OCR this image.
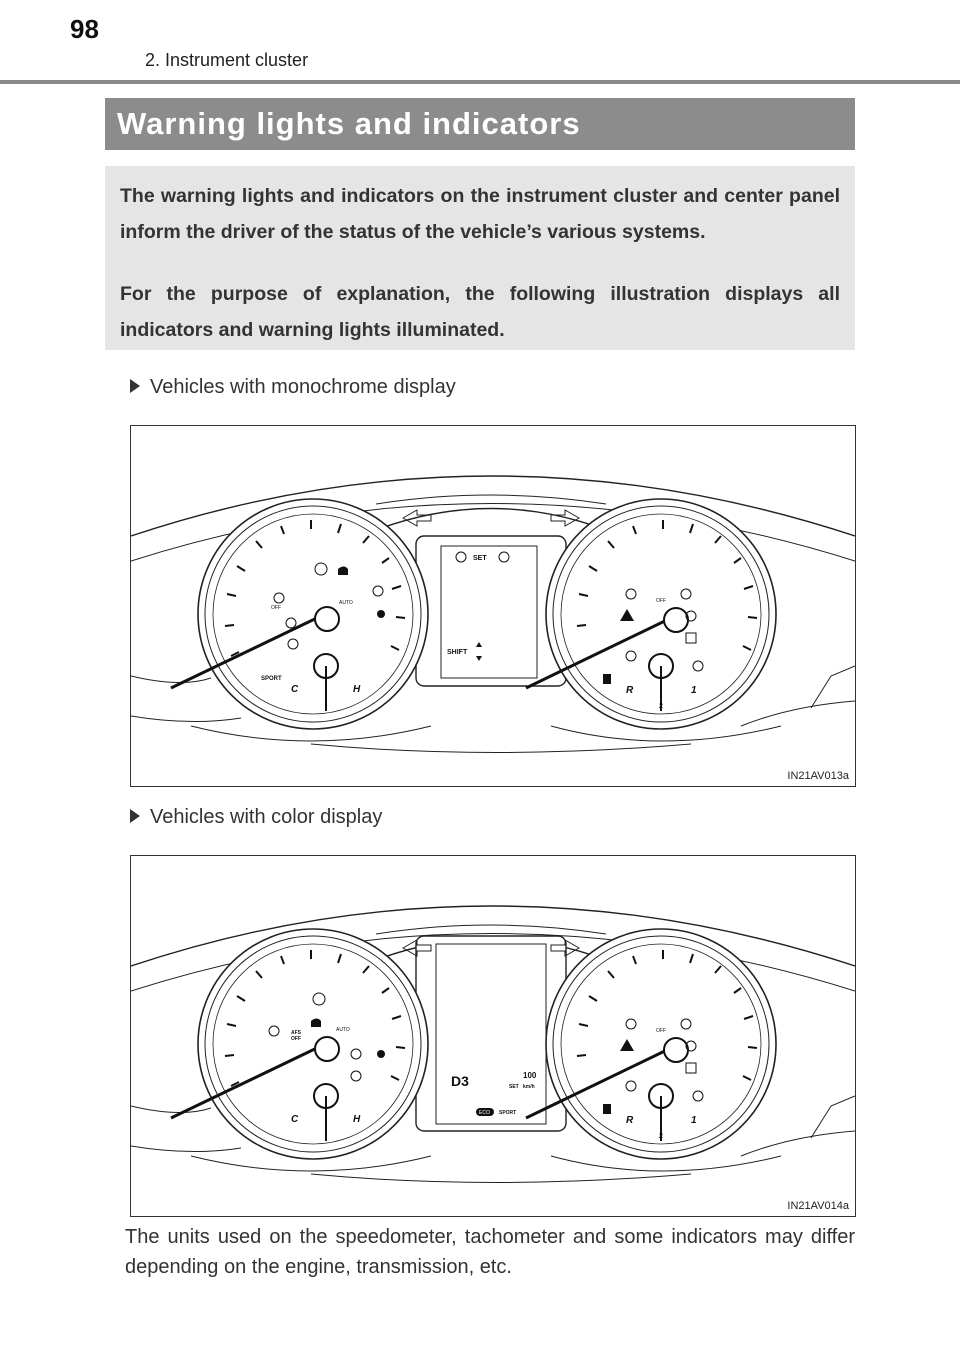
98
2. Instrument cluster
Warning lights and indicators
The warning lights and indicators on the instrument cluster and center panel inform the driver of the status of the vehicle’s various systems.
For the purpose of explanation, the following illustration displays all indicators and warning lights illuminated.
Vehicles with monochrome display
SET
SHIFT
C	H
SPORT
OFF
AUTO
R	1
2
OFF
IN21AV013a
Vehicles with color display
D3	100
SET km/h
ECO SPORT
C	H
AFS
OFF
AUTO
R	1
2
OFF
IN21AV014a
The units used on the speedometer, tachometer and some indicators may differ depending on the engine, transmission, etc.
